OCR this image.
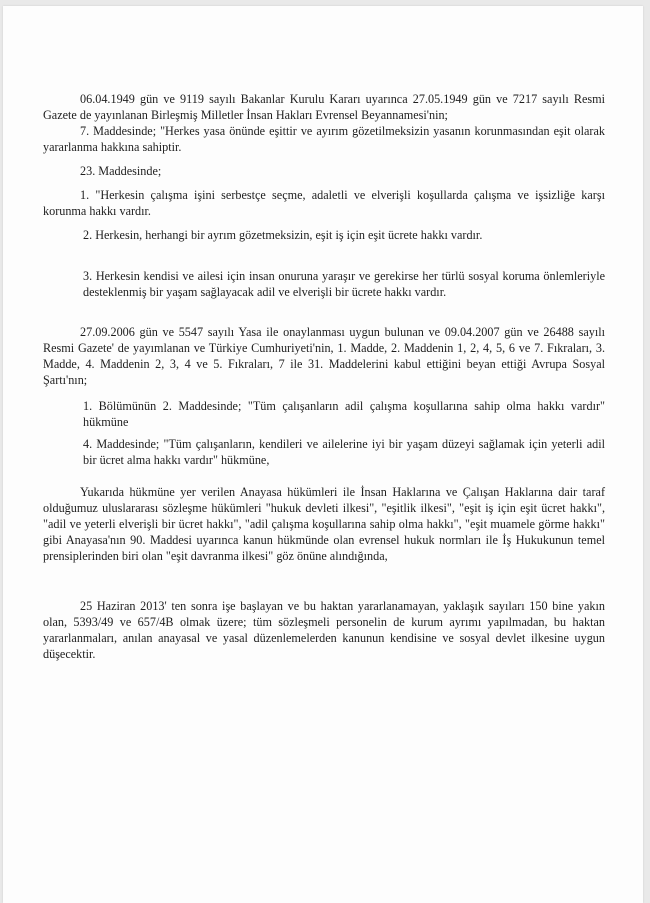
06.04.1949 gün ve 9119 sayılı Bakanlar Kurulu Kararı uyarınca 27.05.1949 gün ve 7217 sayılı Resmi Gazete de yayınlanan Birleşmiş Milletler İnsan Hakları Evrensel Beyannamesi'nin;

7. Maddesinde; "Herkes yasa önünde eşittir ve ayırım gözetilmeksizin yasanın korunmasından eşit olarak yararlanma hakkına sahiptir.

23. Maddesinde;

1. "Herkesin çalışma işini serbestçe seçme, adaletli ve elverişli koşullarda çalışma ve işsizliğe karşı korunma hakkı vardır.

2. Herkesin, herhangi bir ayrım gözetmeksizin, eşit iş için eşit ücrete hakkı vardır.

3. Herkesin kendisi ve ailesi için insan onuruna yaraşır ve gerekirse her türlü sosyal koruma önlemleriyle desteklenmiş bir yaşam sağlayacak adil ve elverişli bir ücrete hakkı vardır.

27.09.2006 gün ve 5547 sayılı Yasa ile onaylanması uygun bulunan ve 09.04.2007 gün ve 26488 sayılı Resmi Gazete' de yayımlanan ve Türkiye Cumhuriyeti'nin, 1. Madde, 2. Maddenin 1, 2, 4, 5, 6 ve 7. Fıkraları, 3. Madde, 4. Maddenin 2, 3, 4 ve 5. Fıkraları, 7 ile 31. Maddelerini kabul ettiğini beyan ettiği Avrupa Sosyal Şartı'nın;

1. Bölümünün 2. Maddesinde; "Tüm çalışanların adil çalışma koşullarına sahip olma hakkı vardır" hükmüne

4. Maddesinde; "Tüm çalışanların, kendileri ve ailelerine iyi bir yaşam düzeyi sağlamak için yeterli adil bir ücret alma hakkı vardır" hükmüne,

Yukarıda hükmüne yer verilen Anayasa hükümleri ile İnsan Haklarına ve Çalışan Haklarına dair taraf olduğumuz uluslararası sözleşme hükümleri "hukuk devleti ilkesi", "eşitlik ilkesi", "eşit iş için eşit ücret hakkı", "adil ve yeterli elverişli bir ücret hakkı", "adil çalışma koşullarına sahip olma hakkı", "eşit muamele görme hakkı" gibi Anayasa'nın 90. Maddesi uyarınca kanun hükmünde olan evrensel hukuk normları ile İş Hukukunun temel prensiplerinden biri olan "eşit davranma ilkesi" göz önüne alındığında,

25 Haziran 2013' ten sonra işe başlayan ve bu haktan yararlanamayan, yaklaşık sayıları 150 bine yakın olan, 5393/49 ve 657/4B olmak üzere; tüm sözleşmeli personelin de kurum ayrımı yapılmadan, bu haktan yararlanmaları, anılan anayasal ve yasal düzenlemelerden kanunun kendisine ve sosyal devlet ilkesine uygun düşecektir.
